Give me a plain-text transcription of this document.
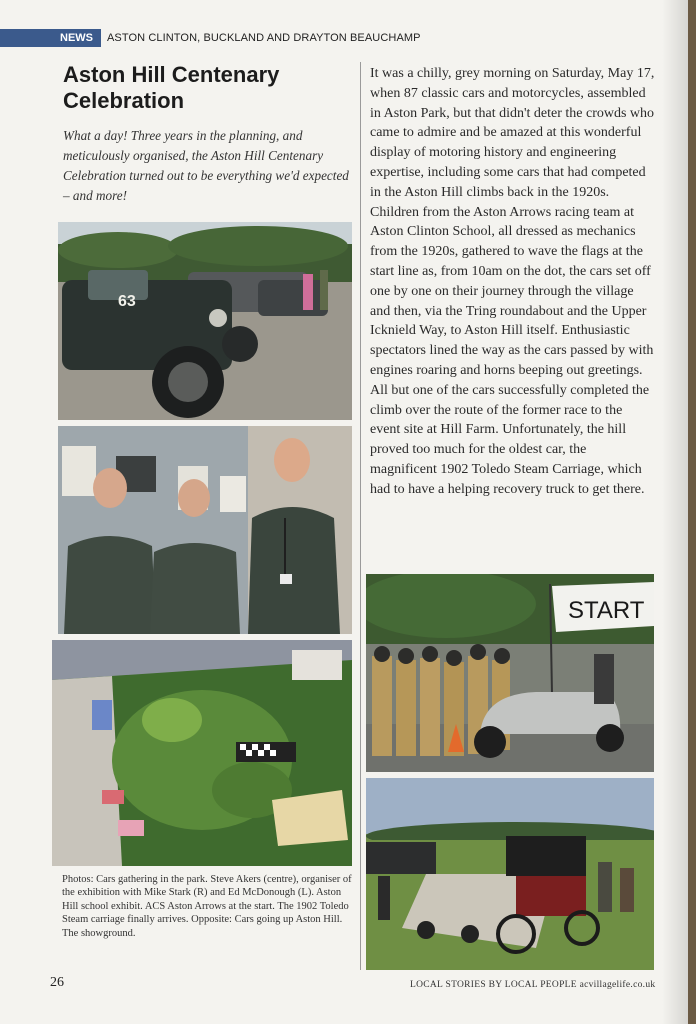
NEWS	ASTON CLINTON, BUCKLAND AND DRAYTON BEAUCHAMP
Aston Hill Centenary Celebration

What a day! Three years in the planning, and meticulously organised, the Aston Hill Centenary Celebration turned out to be everything we'd expected – and more!

63

Photos: Cars gathering in the park. Steve Akers (centre), organiser of the exhibition with Mike Stark (R) and Ed McDonough (L). Aston Hill school exhibit. ACS Aston Arrows at the start. The 1902 Toledo Steam carriage finally arrives. Opposite: Cars going up Aston Hill. The showground.

It was a chilly, grey morning on Saturday, May 17, when 87 classic cars and motorcycles, assembled in Aston Park, but that didn't deter the crowds who came to admire and be amazed at this wonderful display of motoring history and engineering expertise, including some cars that had competed in the Aston Hill climbs back in the 1920s. Children from the Aston Arrows racing team at Aston Clinton School, all dressed as mechanics from the 1920s, gathered to wave the flags at the start line as, from 10am on the dot, the cars set off one by one on their journey through the village and then, via the Tring roundabout and the Upper Icknield Way, to Aston Hill itself. Enthusiastic spectators lined the way as the cars passed by with engines roaring and horns beeping out greetings. All but one of the cars successfully completed the climb over the route of the former race to the event site at Hill Farm. Unfortunately, the hill proved too much for the oldest car, the magnificent 1902 Toledo Steam Carriage, which had to have a helping recovery truck to get there.

START
26	LOCAL STORIES BY LOCAL PEOPLE acvillagelife.co.uk
